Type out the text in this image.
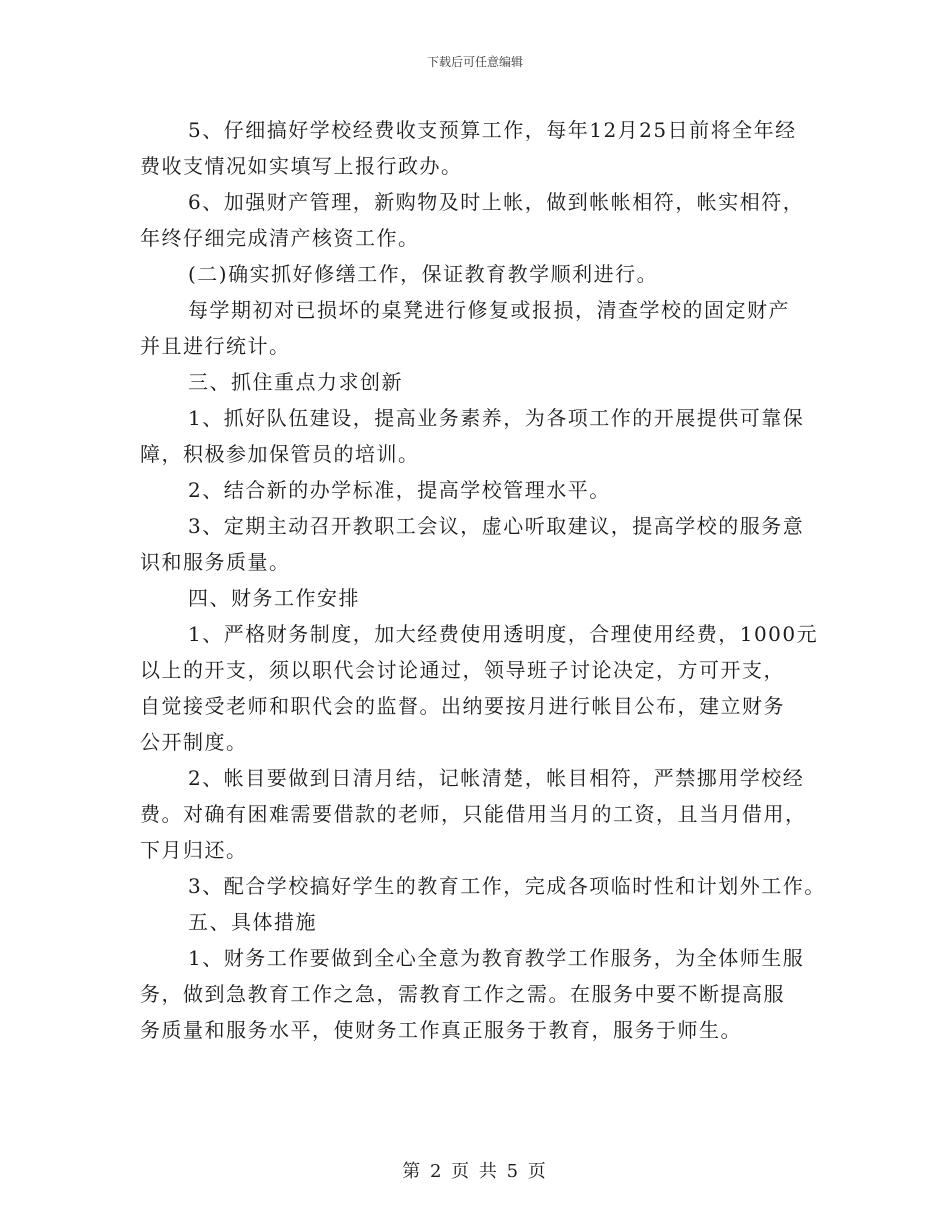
下载后可任意编辑

5、仔细搞好学校经费收支预算工作，每年12月25日前将全年经

费收支情况如实填写上报行政办。

6、加强财产管理，新购物及时上帐，做到帐帐相符，帐实相符，

年终仔细完成清产核资工作。

(二)确实抓好修缮工作，保证教育教学顺利进行。

每学期初对已损坏的桌凳进行修复或报损，清查学校的固定财产

并且进行统计。

三、抓住重点力求创新

1、抓好队伍建设，提高业务素养，为各项工作的开展提供可靠保

障，积极参加保管员的培训。

2、结合新的办学标准，提高学校管理水平。

3、定期主动召开教职工会议，虚心听取建议，提高学校的服务意

识和服务质量。

四、财务工作安排

1、严格财务制度，加大经费使用透明度，合理使用经费，1000元

以上的开支，须以职代会讨论通过，领导班子讨论决定，方可开支，

自觉接受老师和职代会的监督。出纳要按月进行帐目公布，建立财务

公开制度。

2、帐目要做到日清月结，记帐清楚，帐目相符，严禁挪用学校经

费。对确有困难需要借款的老师，只能借用当月的工资，且当月借用，

下月归还。

3、配合学校搞好学生的教育工作，完成各项临时性和计划外工作。

五、具体措施

1、财务工作要做到全心全意为教育教学工作服务，为全体师生服

务，做到急教育工作之急，需教育工作之需。在服务中要不断提高服

务质量和服务水平，使财务工作真正服务于教育，服务于师生。

第 2 页 共 5 页
